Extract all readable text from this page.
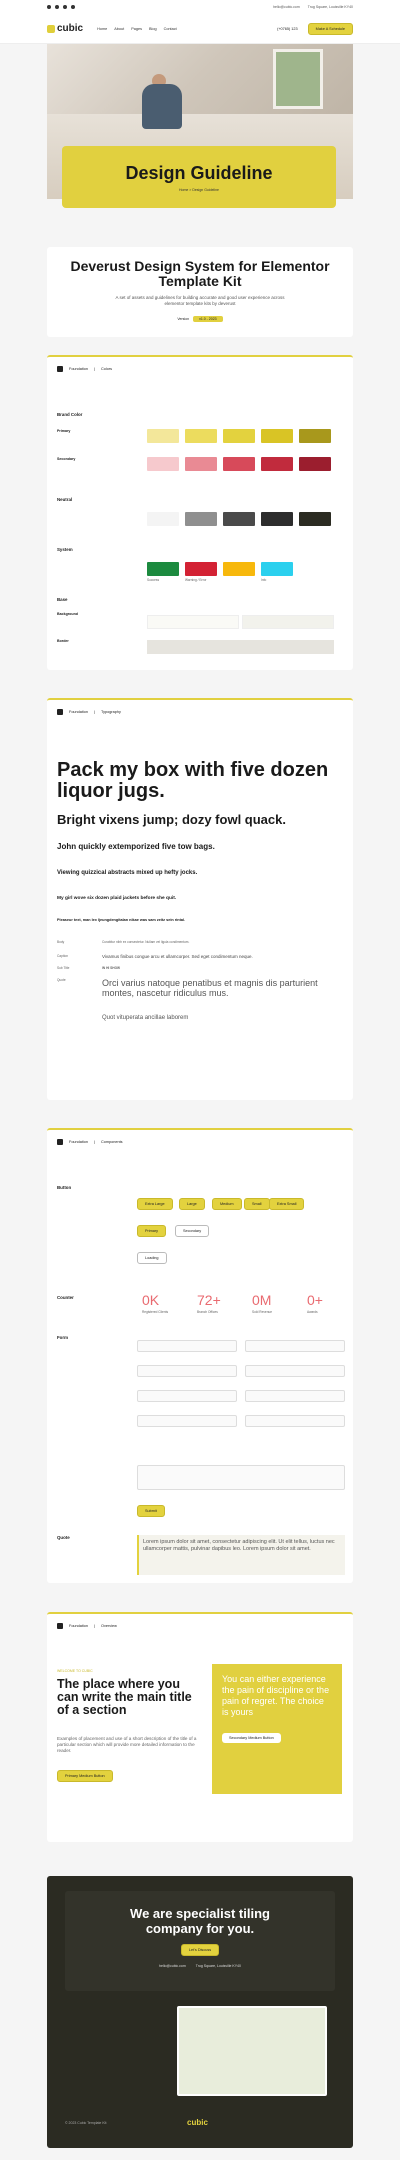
hello@cubic.com Trug Square, Louisville KY40
cubic	Home About Pages Blog Contact	(+0765) 123	Make A Schedule
Design Guideline
Home > Design Guideline
Deverust Design System for Elementor Template Kit

A set of assets and guidelines for building accurate and good user experience across elementor template kits by deverust

Version	v1.0 - 2023
Foundation | Colors
Brand Color
Primary
Secondary
Neutral
System
Success	Warning / Error	Info
Base
Background
Border
Foundation | Typography
Pack my box with five dozen liquor jugs.
Bright vixens jump; dozy fowl quack.
John quickly extemporized five tow bags.
Viewing quizzical abstracts mixed up hefty jocks.
My girl wove six dozen plaid jackets before she quit.
Pleaseur text, man lex ljeungdengitalan nikae was sam zeitz sein rintal.
Body	Curabitur nibh ex consectetur. Nullam vel ligula condimentum.
Caption	Vivamus finibus congue arcu et ullamcorper. Sed eget condimentum neque.
Sub Title	IN HI SHOW
Quote	Orci varius natoque penatibus et magnis dis parturient montes, nascetur ridiculus mus.
Quot vituperata ancillae laborem
Foundation | Components
Button
Extra Large	Large	Medium	Small	Extra Small
Primary	Secondary
Loading
Counter	0K	72+ 0M	0+
Registered Clients	Branch Offices	Sold Revenue	Awards
Form
Submit
Quote
Lorem ipsum dolor sit amet, consectetur adipiscing elit. Ut elit tellus, luctus nec ullamcorper mattis, pulvinar dapibus leo. Lorem ipsum dolor sit amet.
Foundation | Overview
WELCOME TO CUBIC
The place where you can write the main title of a section
Examples of placement and use of a short description of the title of a particular section which will provide more detailed information to the reader.
Primary Medium Button
You can either experience the pain of discipline or the pain of regret. The choice is yours
Secondary Medium Button
We are specialist tiling company for you.
Let's Discuss
hello@cubic.com	Trug Square, Louisville KY40
© 2023 Cubic Template Kit	cubic
